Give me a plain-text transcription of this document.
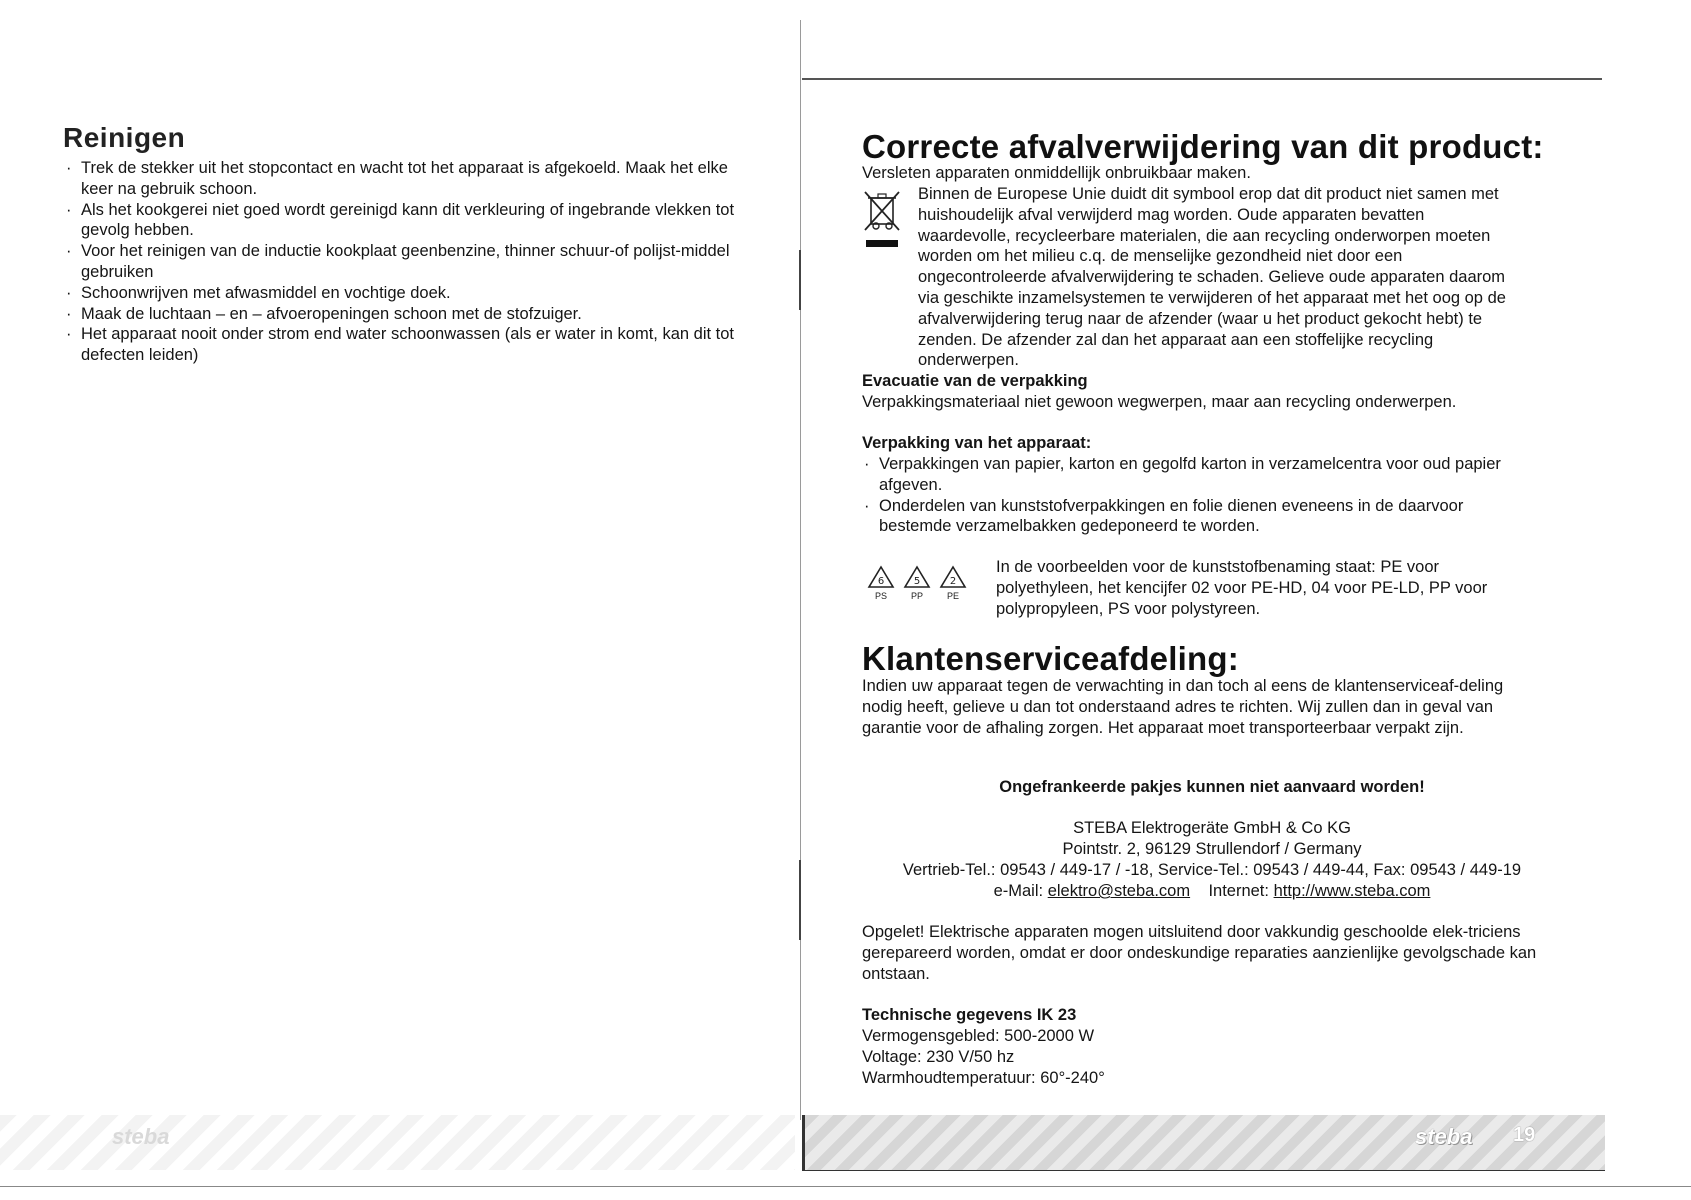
Reinigen
· Trek de stekker uit het stopcontact en wacht tot het apparaat is afgekoeld. Maak het elke keer na gebruik schoon.
· Als het kookgerei niet goed wordt gereinigd kann dit verkleuring of ingebrande vlekken tot gevolg hebben.
· Voor het reinigen van de inductie kookplaat geenbenzine, thinner schuur-of polijst-middel gebruiken
· Schoonwrijven met afwasmiddel en vochtige doek.
· Maak de luchtaan – en – afvoeropeningen schoon met de stofzuiger.
· Het apparaat nooit onder strom end water schoonwassen (als er water in komt, kan dit tot defecten leiden)
Correcte afvalverwijdering van dit product:
Versleten apparaten onmiddellijk onbruikbaar maken.
Binnen de Europese Unie duidt dit symbool erop dat dit product niet samen met huishoudelijk afval verwijderd mag worden. Oude apparaten bevatten waardevolle, recycleerbare materialen, die aan recycling onderworpen moeten worden om het milieu c.q. de menselijke gezondheid niet door een ongecontroleerde afvalverwijdering te schaden. Gelieve oude apparaten daarom via geschikte inzamelsystemen te verwijderen of het apparaat met het oog op de afvalverwijdering terug naar de afzender (waar u het product gekocht hebt) te zenden. De afzender zal dan het apparaat aan een stoffelijke recycling onderwerpen.
Evacuatie van de verpakking
Verpakkingsmateriaal niet gewoon wegwerpen, maar aan recycling onderwerpen.
Verpakking van het apparaat:
· Verpakkingen van papier, karton en gegolfd karton in verzamelcentra voor oud papier afgeven.
· Onderdelen van kunststofverpakkingen en folie dienen eveneens in de daarvoor bestemde verzamelbakken gedeponeerd te worden.
6
PS
5
PP
2
PE
In de voorbeelden voor de kunststofbenaming staat: PE voor polyethyleen, het kencijfer 02 voor PE-HD, 04 voor PE-LD, PP voor polypropyleen, PS voor polystyreen.
Klantenserviceafdeling:
Indien uw apparaat tegen de verwachting in dan toch al eens de klantenserviceaf-deling nodig heeft, gelieve u dan tot onderstaand adres te richten. Wij zullen dan in geval van garantie voor de afhaling zorgen. Het apparaat moet transporteerbaar verpakt zijn.
Ongefrankeerde pakjes kunnen niet aanvaard worden!
STEBA Elektrogeräte GmbH & Co KG
Pointstr. 2, 96129 Strullendorf / Germany
Vertrieb-Tel.: 09543 / 449-17 / -18, Service-Tel.: 09543 / 449-44, Fax: 09543 / 449-19
e-Mail: elektro@steba.com Internet: http://www.steba.com
Opgelet! Elektrische apparaten mogen uitsluitend door vakkundig geschoolde elek-triciens gerepareerd worden, omdat er door ondeskundige reparaties aanzienlijke gevolgschade kan ontstaan.
Technische gegevens IK 23
Vermogensgebled: 500-2000 W
Voltage: 230 V/50 hz
Warmhoudtemperatuur: 60°-240°
steba	steba 19
